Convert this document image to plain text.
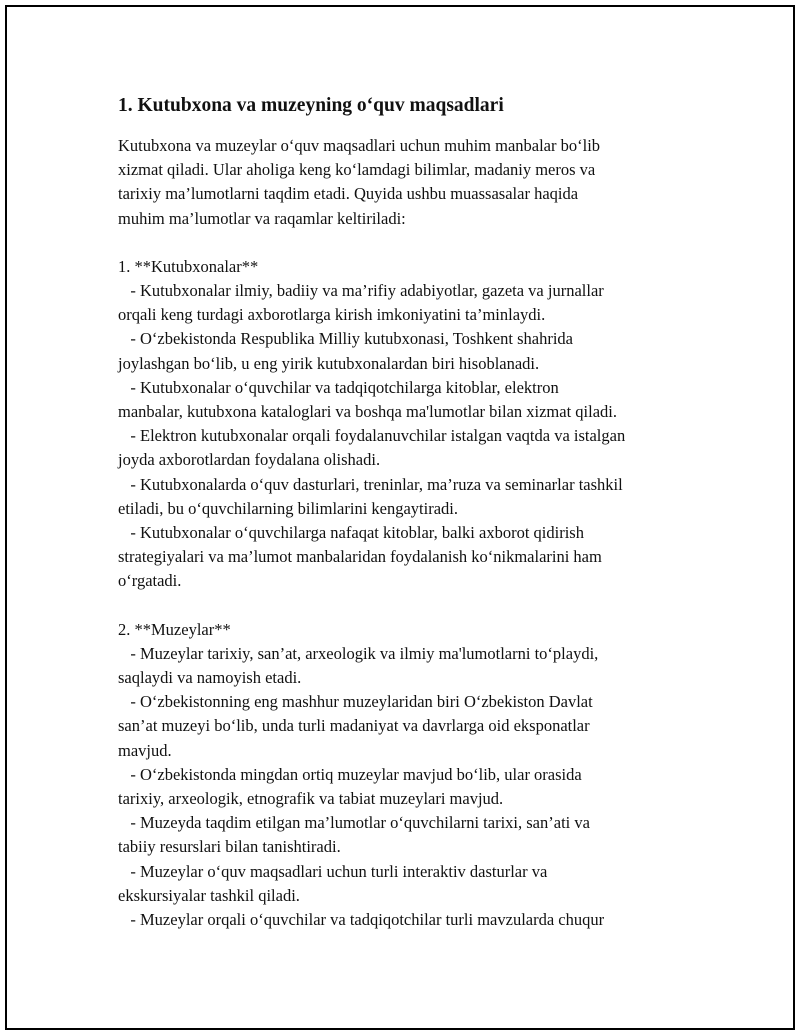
1. Kutubxona va muzeyning o‘quv maqsadlari
Kutubxona va muzeylar o‘quv maqsadlari uchun muhim manbalar bo‘lib
xizmat qiladi. Ular aholiga keng ko‘lamdagi bilimlar, madaniy meros va
tarixiy ma’lumotlarni taqdim etadi. Quyida ushbu muassasalar haqida
muhim ma’lumotlar va raqamlar keltiriladi:
1. **Kutubxonalar**
- Kutubxonalar ilmiy, badiiy va ma’rifiy adabiyotlar, gazeta va jurnallar
orqali keng turdagi axborotlarga kirish imkoniyatini ta’minlaydi.
- O‘zbekistonda Respublika Milliy kutubxonasi, Toshkent shahrida
joylashgan bo‘lib, u eng yirik kutubxonalardan biri hisoblanadi.
- Kutubxonalar o‘quvchilar va tadqiqotchilarga kitoblar, elektron
manbalar, kutubxona kataloglari va boshqa ma'lumotlar bilan xizmat qiladi.
- Elektron kutubxonalar orqali foydalanuvchilar istalgan vaqtda va istalgan
joyda axborotlardan foydalana olishadi.
- Kutubxonalarda o‘quv dasturlari, treninlar, ma’ruza va seminarlar tashkil
etiladi, bu o‘quvchilarning bilimlarini kengaytiradi.
- Kutubxonalar o‘quvchilarga nafaqat kitoblar, balki axborot qidirish
strategiyalari va ma’lumot manbalaridan foydalanish ko‘nikmalarini ham
o‘rgatadi.
2. **Muzeylar**
- Muzeylar tarixiy, san’at, arxeologik va ilmiy ma'lumotlarni to‘playdi,
saqlaydi va namoyish etadi.
- O‘zbekistonning eng mashhur muzeylaridan biri O‘zbekiston Davlat
san’at muzeyi bo‘lib, unda turli madaniyat va davrlarga oid eksponatlar
mavjud.
- O‘zbekistonda mingdan ortiq muzeylar mavjud bo‘lib, ular orasida
tarixiy, arxeologik, etnografik va tabiat muzeylari mavjud.
- Muzeyda taqdim etilgan ma’lumotlar o‘quvchilarni tarixi, san’ati va
tabiiy resurslari bilan tanishtiradi.
- Muzeylar o‘quv maqsadlari uchun turli interaktiv dasturlar va
ekskursiyalar tashkil qiladi.
- Muzeylar orqali o‘quvchilar va tadqiqotchilar turli mavzularda chuqur
